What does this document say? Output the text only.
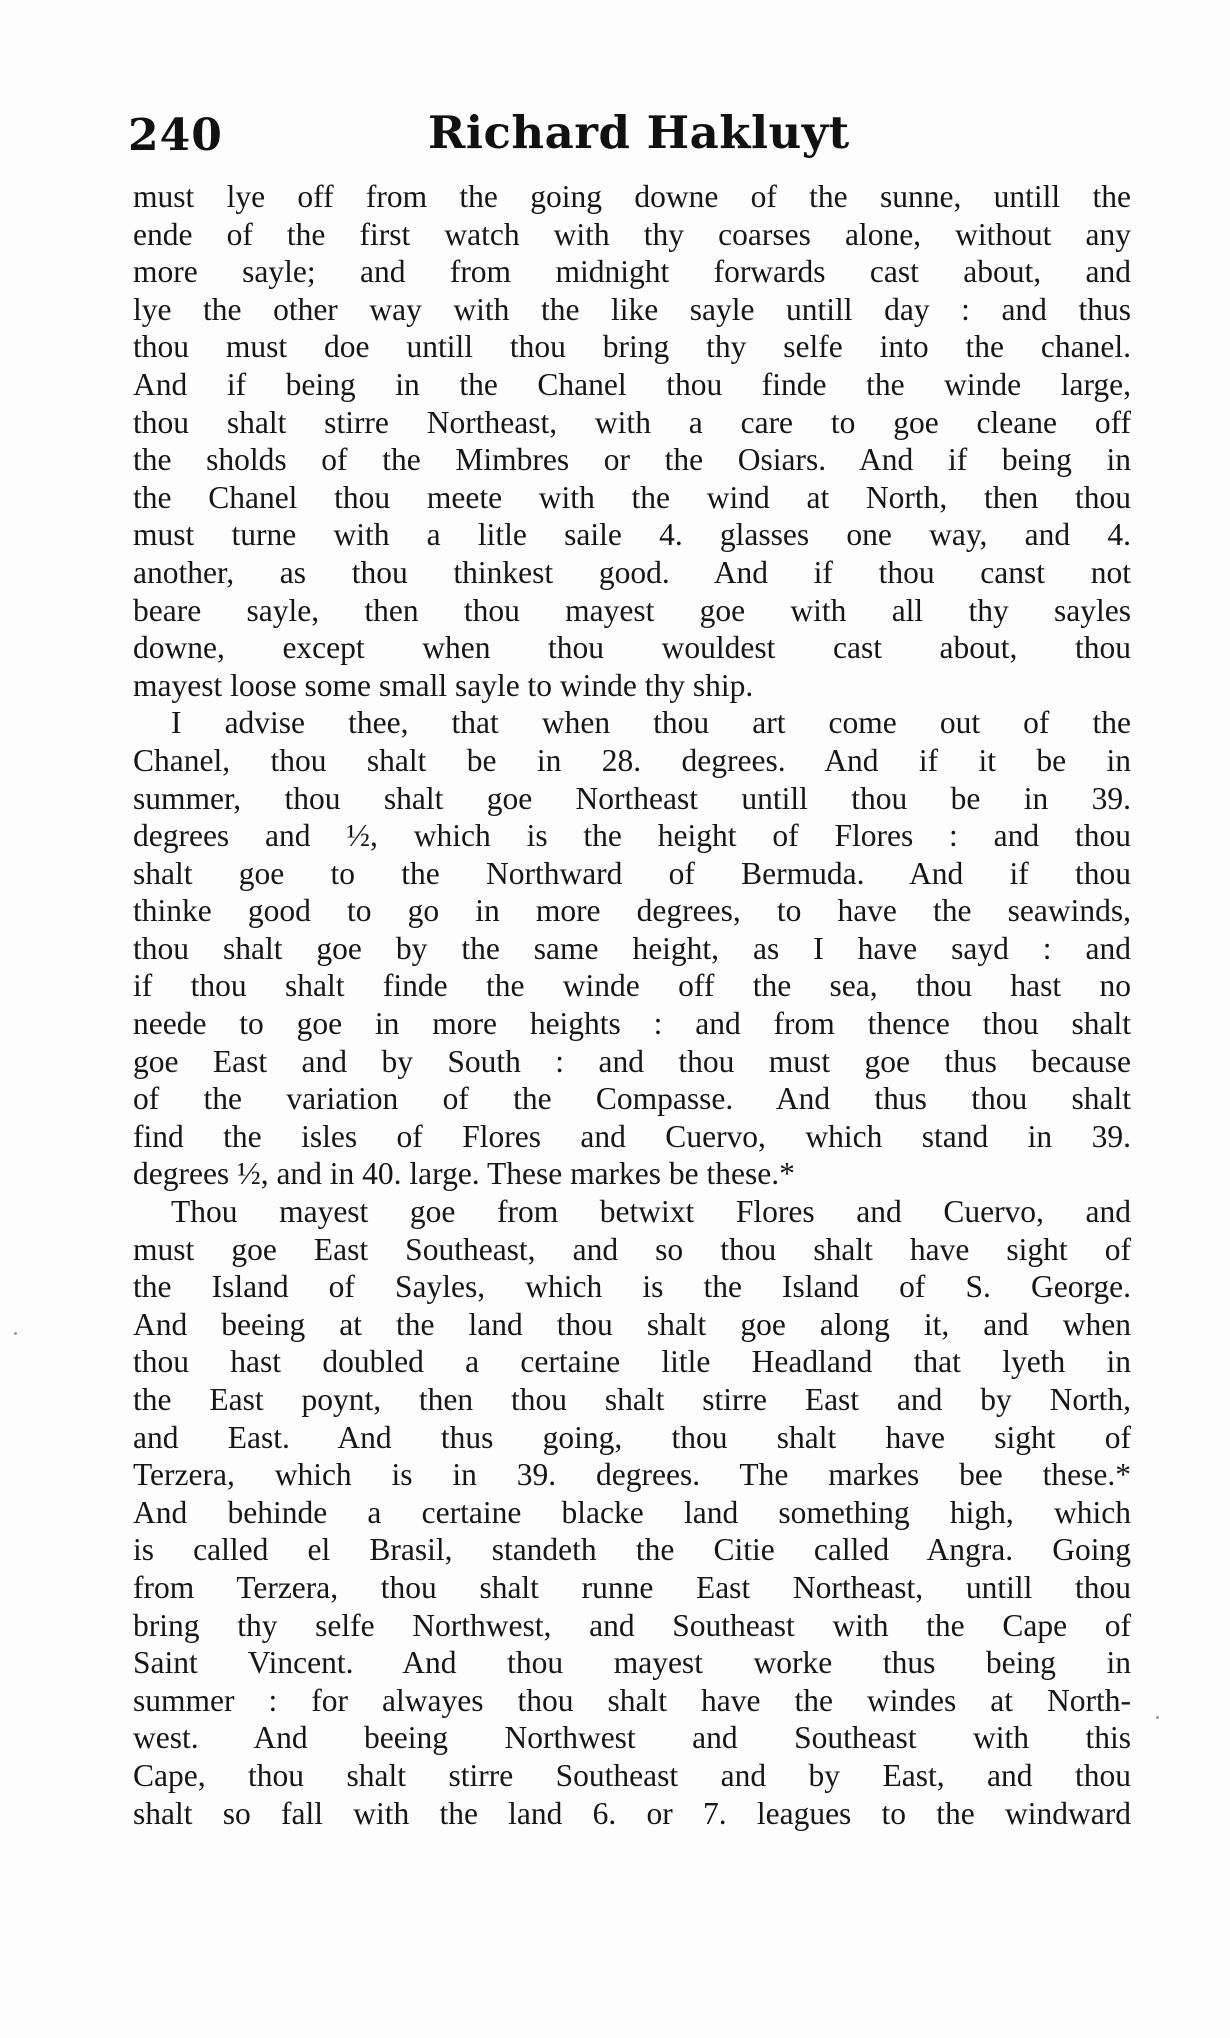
240	Richard Hakluyt

must lye off from the going downe of the sunne, untill the
ende of the first watch with thy coarses alone, without any
more sayle; and from midnight forwards cast about, and
lye the other way with the like sayle untill day : and thus
thou must doe untill thou bring thy selfe into the chanel.
And if being in the Chanel thou finde the winde large,
thou shalt stirre Northeast, with a care to goe cleane off
the sholds of the Mimbres or the Osiars. And if being in
the Chanel thou meete with the wind at North, then thou
must turne with a litle saile 4. glasses one way, and 4.
another, as thou thinkest good. And if thou canst not
beare sayle, then thou mayest goe with all thy sayles
downe, except when thou wouldest cast about, thou
mayest loose some small sayle to winde thy ship.

I advise thee, that when thou art come out of the
Chanel, thou shalt be in 28. degrees. And if it be in
summer, thou shalt goe Northeast untill thou be in 39.
degrees and ½, which is the height of Flores : and thou
shalt goe to the Northward of Bermuda. And if thou
thinke good to go in more degrees, to have the seawinds,
thou shalt goe by the same height, as I have sayd : and
if thou shalt finde the winde off the sea, thou hast no
neede to goe in more heights : and from thence thou shalt
goe East and by South : and thou must goe thus because
of the variation of the Compasse. And thus thou shalt
find the isles of Flores and Cuervo, which stand in 39.
degrees ½, and in 40. large. These markes be these.*

Thou mayest goe from betwixt Flores and Cuervo, and
must goe East Southeast, and so thou shalt have sight of
the Island of Sayles, which is the Island of S. George.
And beeing at the land thou shalt goe along it, and when
thou hast doubled a certaine litle Headland that lyeth in
the East poynt, then thou shalt stirre East and by North,
and East. And thus going, thou shalt have sight of
Terzera, which is in 39. degrees. The markes bee these.*
And behinde a certaine blacke land something high, which
is called el Brasil, standeth the Citie called Angra. Going
from Terzera, thou shalt runne East Northeast, untill thou
bring thy selfe Northwest, and Southeast with the Cape of
Saint Vincent. And thou mayest worke thus being in
summer : for alwayes thou shalt have the windes at North-
west. And beeing Northwest and Southeast with this
Cape, thou shalt stirre Southeast and by East, and thou
shalt so fall with the land 6. or 7. leagues to the windward
